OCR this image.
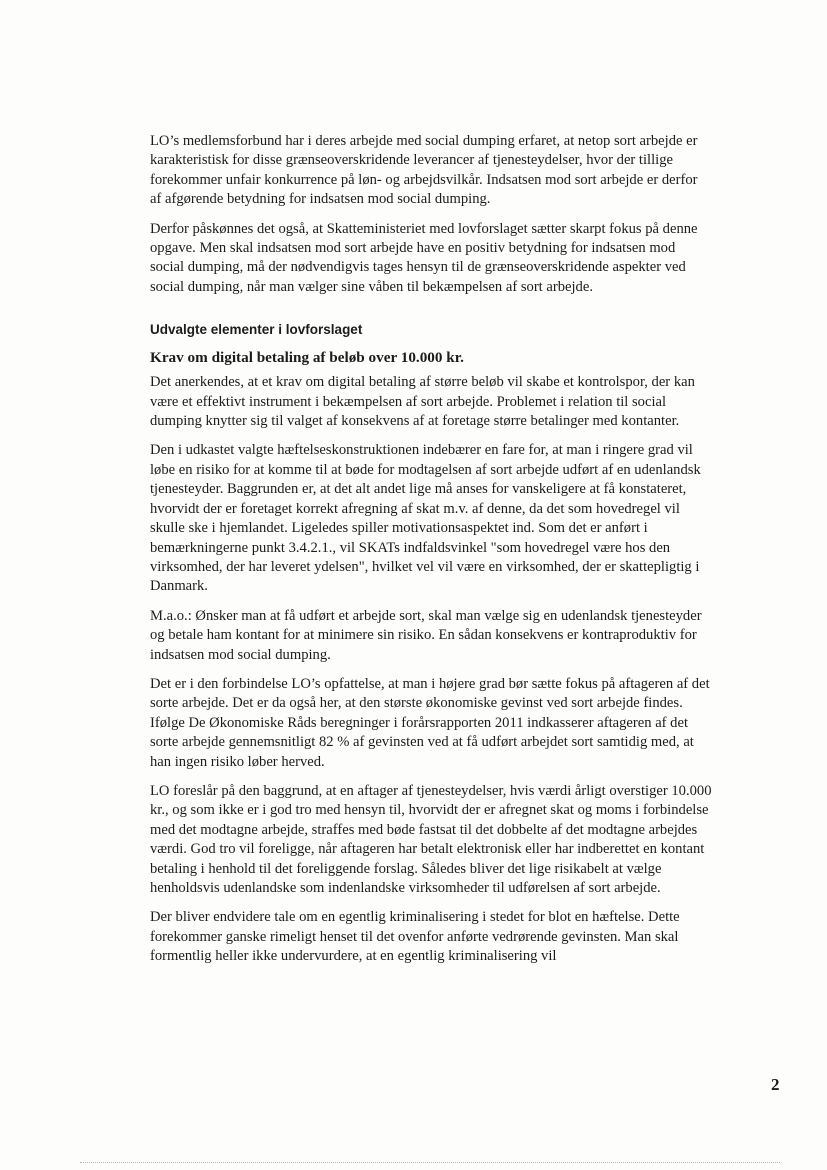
LO’s medlemsforbund har i deres arbejde med social dumping erfaret, at netop sort arbejde er karakteristisk for disse grænseoverskridende leverancer af tjenesteydelser, hvor der tillige forekommer unfair konkurrence på løn- og arbejdsvilkår. Indsatsen mod sort arbejde er derfor af afgørende betydning for indsatsen mod social dumping.

Derfor påskønnes det også, at Skatteministeriet med lovforslaget sætter skarpt fokus på denne opgave. Men skal indsatsen mod sort arbejde have en positiv betydning for indsatsen mod social dumping, må der nødvendigvis tages hensyn til de grænseoverskridende aspekter ved social dumping, når man vælger sine våben til bekæmpelsen af sort arbejde.

Udvalgte elementer i lovforslaget
Krav om digital betaling af beløb over 10.000 kr.

Det anerkendes, at et krav om digital betaling af større beløb vil skabe et kontrolspor, der kan være et effektivt instrument i bekæmpelsen af sort arbejde. Problemet i relation til social dumping knytter sig til valget af konsekvens af at foretage større betalinger med kontanter.

Den i udkastet valgte hæftelseskonstruktionen indebærer en fare for, at man i ringere grad vil løbe en risiko for at komme til at bøde for modtagelsen af sort arbejde udført af en udenlandsk tjenesteyder. Baggrunden er, at det alt andet lige må anses for vanskeligere at få konstateret, hvorvidt der er foretaget korrekt afregning af skat m.v. af denne, da det som hovedregel vil skulle ske i hjemlandet. Ligeledes spiller motivationsaspektet ind. Som det er anført i bemærkningerne punkt 3.4.2.1., vil SKATs indfaldsvinkel "som hovedregel være hos den virksomhed, der har leveret ydelsen", hvilket vel vil være en virksomhed, der er skattepligtig i Danmark.

M.a.o.: Ønsker man at få udført et arbejde sort, skal man vælge sig en udenlandsk tjenesteyder og betale ham kontant for at minimere sin risiko. En sådan konsekvens er kontraproduktiv for indsatsen mod social dumping.

Det er i den forbindelse LO’s opfattelse, at man i højere grad bør sætte fokus på aftageren af det sorte arbejde. Det er da også her, at den største økonomiske gevinst ved sort arbejde findes. Ifølge De Økonomiske Råds beregninger i forårsrapporten 2011 indkasserer aftageren af det sorte arbejde gennemsnitligt 82 % af gevinsten ved at få udført arbejdet sort samtidig med, at han ingen risiko løber herved.

LO foreslår på den baggrund, at en aftager af tjenesteydelser, hvis værdi årligt overstiger 10.000 kr., og som ikke er i god tro med hensyn til, hvorvidt der er afregnet skat og moms i forbindelse med det modtagne arbejde, straffes med bøde fastsat til det dobbelte af det modtagne arbejdes værdi. God tro vil foreligge, når aftageren har betalt elektronisk eller har indberettet en kontant betaling i henhold til det foreliggende forslag. Således bliver det lige risikabelt at vælge henholdsvis udenlandske som indenlandske virksomheder til udførelsen af sort arbejde.

Der bliver endvidere tale om en egentlig kriminalisering i stedet for blot en hæftelse. Dette forekommer ganske rimeligt henset til det ovenfor anførte vedrørende gevinsten. Man skal formentlig heller ikke undervurdere, at en egentlig kriminalisering vil

2
